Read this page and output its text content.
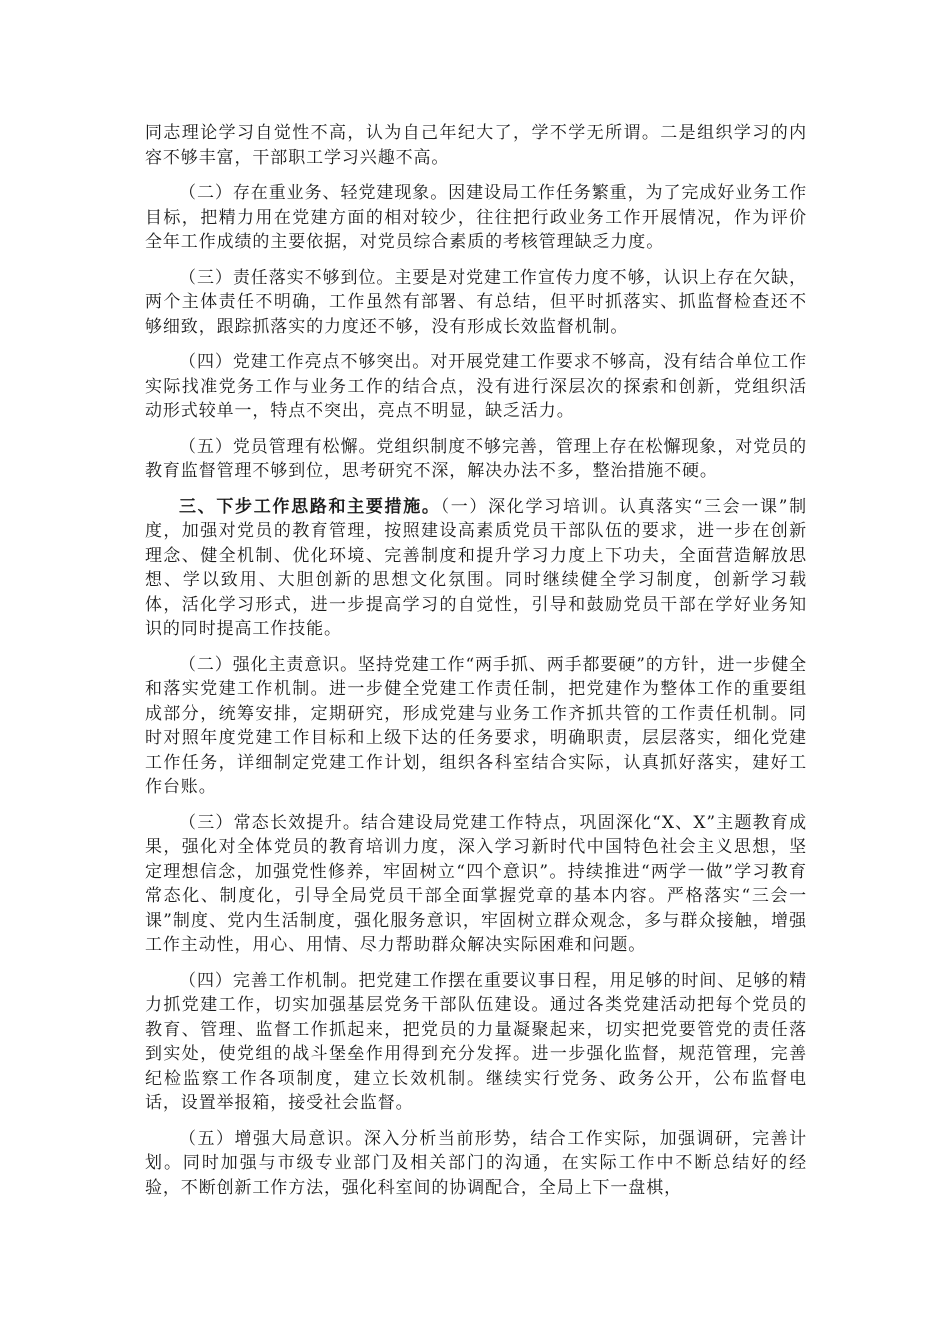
同志理论学习自觉性不高，认为自己年纪大了，学不学无所谓。二是组织学习的内容不够丰富，干部职工学习兴趣不高。

（二）存在重业务、轻党建现象。因建设局工作任务繁重，为了完成好业务工作目标，把精力用在党建方面的相对较少，往往把行政业务工作开展情况，作为评价全年工作成绩的主要依据，对党员综合素质的考核管理缺乏力度。

（三）责任落实不够到位。主要是对党建工作宣传力度不够，认识上存在欠缺，两个主体责任不明确，工作虽然有部署、有总结，但平时抓落实、抓监督检查还不够细致，跟踪抓落实的力度还不够，没有形成长效监督机制。

（四）党建工作亮点不够突出。对开展党建工作要求不够高，没有结合单位工作实际找准党务工作与业务工作的结合点，没有进行深层次的探索和创新，党组织活动形式较单一，特点不突出，亮点不明显，缺乏活力。

（五）党员管理有松懈。党组织制度不够完善，管理上存在松懈现象，对党员的教育监督管理不够到位，思考研究不深，解决办法不多，整治措施不硬。

三、下步工作思路和主要措施。（一）深化学习培训。认真落实“三会一课”制度，加强对党员的教育管理，按照建设高素质党员干部队伍的要求，进一步在创新理念、健全机制、优化环境、完善制度和提升学习力度上下功夫，全面营造解放思想、学以致用、大胆创新的思想文化氛围。同时继续健全学习制度，创新学习载体，活化学习形式，进一步提高学习的自觉性，引导和鼓励党员干部在学好业务知识的同时提高工作技能。

（二）强化主责意识。坚持党建工作“两手抓、两手都要硬”的方针，进一步健全和落实党建工作机制。进一步健全党建工作责任制，把党建作为整体工作的重要组成部分，统筹安排，定期研究，形成党建与业务工作齐抓共管的工作责任机制。同时对照年度党建工作目标和上级下达的任务要求，明确职责，层层落实，细化党建工作任务，详细制定党建工作计划，组织各科室结合实际，认真抓好落实，建好工作台账。

（三）常态长效提升。结合建设局党建工作特点，巩固深化“X、X”主题教育成果，强化对全体党员的教育培训力度，深入学习新时代中国特色社会主义思想，坚定理想信念，加强党性修养，牢固树立“四个意识”。持续推进“两学一做”学习教育常态化、制度化，引导全局党员干部全面掌握党章的基本内容。严格落实“三会一课”制度、党内生活制度，强化服务意识，牢固树立群众观念，多与群众接触，增强工作主动性，用心、用情、尽力帮助群众解决实际困难和问题。

（四）完善工作机制。把党建工作摆在重要议事日程，用足够的时间、足够的精力抓党建工作，切实加强基层党务干部队伍建设。通过各类党建活动把每个党员的教育、管理、监督工作抓起来，把党员的力量凝聚起来，切实把党要管党的责任落到实处，使党组的战斗堡垒作用得到充分发挥。进一步强化监督，规范管理，完善纪检监察工作各项制度，建立长效机制。继续实行党务、政务公开，公布监督电话，设置举报箱，接受社会监督。

（五）增强大局意识。深入分析当前形势，结合工作实际，加强调研，完善计划。同时加强与市级专业部门及相关部门的沟通，在实际工作中不断总结好的经验，不断创新工作方法，强化科室间的协调配合，全局上下一盘棋，
